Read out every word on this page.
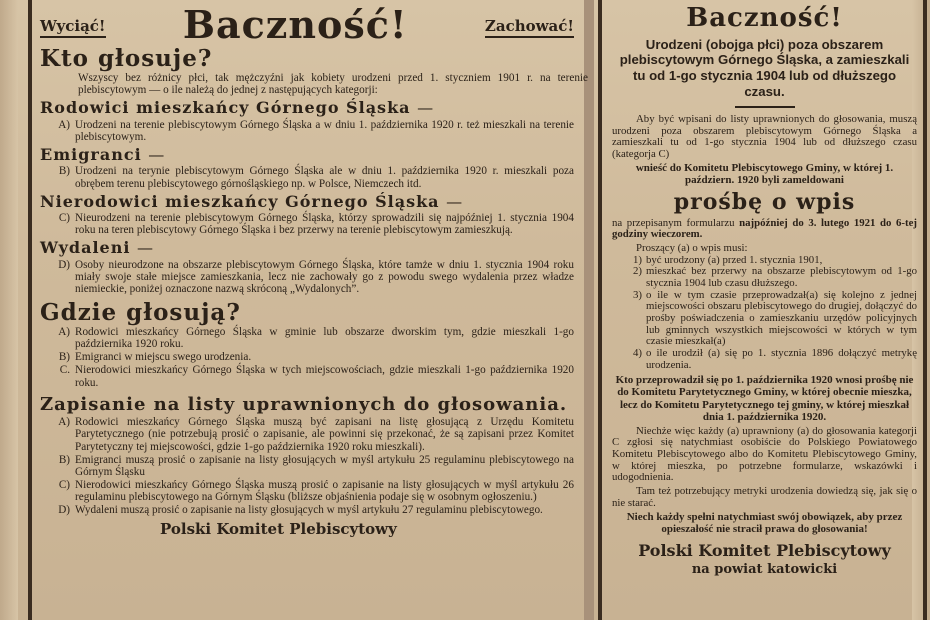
Wyciąć! Baczność!	Zachować!
Kto głosuje?
Wszyscy bez różnicy płci, tak mężczyźni jak kobiety urodzeni przed 1. styczniem 1901 r. na terenie plebiscytowym — o ile należą do jednej z następujących kategorji:
Rodowici mieszkańcy Górnego Śląska —
A) Urodzeni na terenie plebiscytowym Górnego Śląska a w dniu 1. października 1920 r. też mieszkali na terenie plebiscytowym.
Emigranci —
B) Urodzeni na terynie plebiscytowym Górnego Śląska ale w dniu 1. października 1920 r. mieszkali poza obrębem terenu plebiscytowego górnośląskiego np. w Polsce, Niemczech itd.
Nierodowici mieszkańcy Górnego Śląska —
C) Nieurodzeni na terenie plebiscytowym Górnego Śląska, którzy sprowadzili się najpóźniej 1. stycznia 1904 roku na teren plebiscytowy Górnego Śląska i bez przerwy na terenie plebiscytowym zamieszkują.
Wydaleni —
D) Osoby nieurodzone na obszarze plebiscytowym Górnego Śląska, które tamże w dniu 1. stycznia 1904 roku miały swoje stałe miejsce zamieszkania, lecz nie zachowały go z powodu swego wydalenia przez władze niemieckie, poniżej oznaczone nazwą skróconą „Wydalonych”.
Gdzie głosują?
A) Rodowici mieszkańcy Górnego Śląska w gminie lub obszarze dworskim tym, gdzie mieszkali 1-go października 1920 roku.
B) Emigranci w miejscu swego urodzenia.
C. Nierodowici mieszkańcy Górnego Śląska w tych miejscowościach, gdzie mieszkali 1-go października 1920 roku.
Zapisanie na listy uprawnionych do głosowania.
A) Rodowici mieszkańcy Górnego Śląska muszą być zapisani na listę głosującą z Urzędu Komitetu Parytetycznego (nie potrzebują prosić o zapisanie, ale powinni się przekonać, że są zapisani przez Komitet Parytetyczny tej miejscowości, gdzie 1-go października 1920 roku mieszkali).
B) Emigranci muszą prosić o zapisanie na listy głosujących w myśl artykułu 25 regulaminu plebiscytowego na Górnym Śląsku
C) Nierodowici mieszkańcy Górnego Śląska muszą prosić o zapisanie na listy głosujących w myśl artykułu 26 regulaminu plebiscytowego na Górnym Śląsku (bliższe objaśnienia podaje się w osobnym ogłoszeniu.)
D) Wydaleni muszą prosić o zapisanie na listy głosujących w myśl artykułu 27 regulaminu plebiscytowego.
Polski Komitet Plebiscytowy
Baczność!
Urodzeni (obojga płci) poza obszarem plebiscytowym Górnego Śląska, a zamieszkali tu od 1-go stycznia 1904 lub od dłuższego czasu.
Aby być wpisani do listy uprawnionych do głosowania, muszą urodzeni poza obszarem plebiscytowym Górnego Śląska a zamieszkali tu od 1-go stycznia 1904 lub od dłuższego czasu (kategorja C)
wnieść do Komitetu Plebiscytowego Gminy, w której 1. październ. 1920 byli zameldowani
prośbę o wpis
na przepisanym formularzu najpóźniej do 3. lutego 1921 do 6-tej godziny wieczorem.
Proszący (a) o wpis musi:
1) być urodzony (a) przed 1. stycznia 1901,
2) mieszkać bez przerwy na obszarze plebiscytowym od 1-go stycznia 1904 lub czasu dłuższego.
3) o ile w tym czasie przeprowadzał(a) się kolejno z jednej miejscowości obszaru plebiscytowego do drugiej, dołączyć do prośby poświadczenia o zamieszkaniu urzędów policyjnych lub gminnych wszystkich miejscowości w których w tym czasie mieszkał(a)
4) o ile urodził (a) się po 1. stycznia 1896 dołączyć metrykę urodzenia.
Kto przeprowadził się po 1. października 1920 wnosi prośbę nie do Komitetu Parytetycznego Gminy, w której obecnie mieszka, lecz do Komitetu Parytetycznego tej gminy, w której mieszkał dnia 1. października 1920.
Niechże więc każdy (a) uprawniony (a) do głosowania kategorji C zgłosi się natychmiast osobiście do Polskiego Powiatowego Komitetu Plebiscytowego albo do Komitetu Plebiscytowego Gminy, w której mieszka, po potrzebne formularze, wskazówki i udogodnienia.
Tam też potrzebujący metryki urodzenia dowiedzą się, jak się o nie starać.
Niech każdy spełni natychmiast swój obowiązek, aby przez opieszałość nie stracił prawa do głosowania!
Polski Komitet Plebiscytowy
na powiat katowicki
